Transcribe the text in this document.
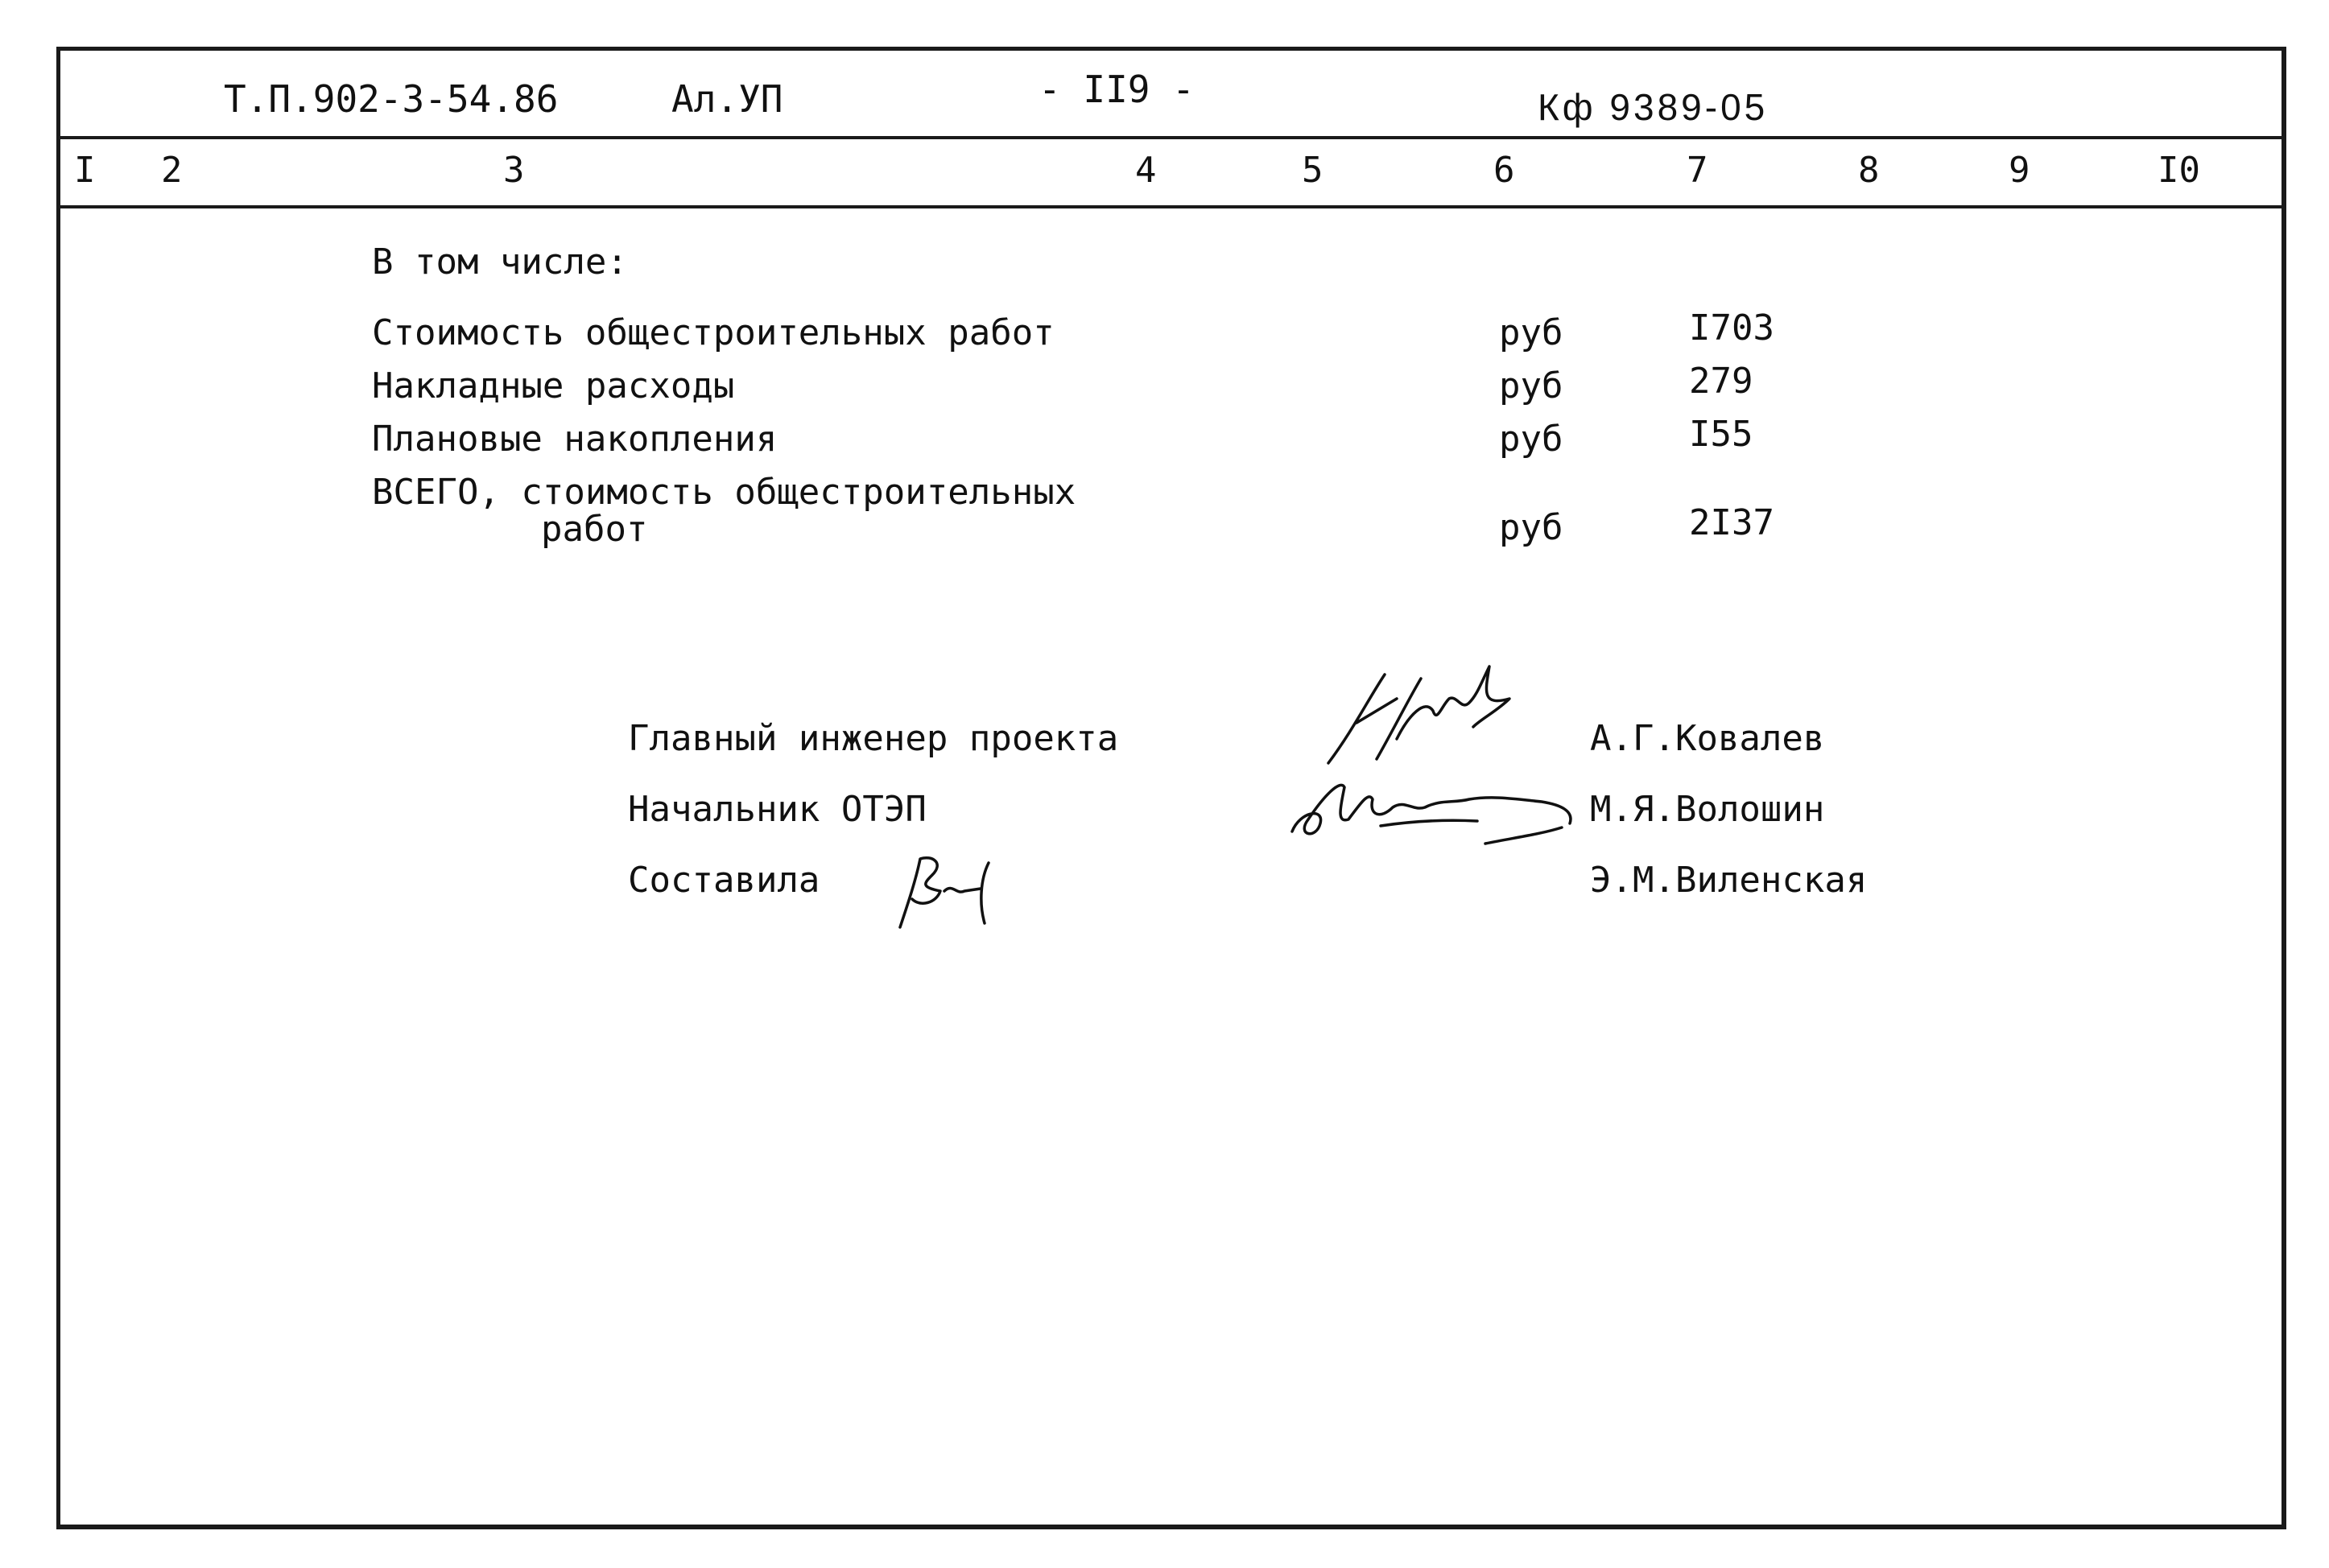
Т.П.902-3-54.86	Ал.УП	- II9 -	Кф 9389-05
I 2	3	4	5	6	7	8	9	I0
В том числе:
Стоимость общестроительных работ	руб	I703
Накладные расходы	руб	279
Плановые накопления	руб	I55
ВСЕГО, стоимость общестроительных
работ	руб	2I37
Главный инженер проекта	А.Г.Ковалев
Начальник ОТЭП	М.Я.Волошин
Составила	Э.М.Виленская
